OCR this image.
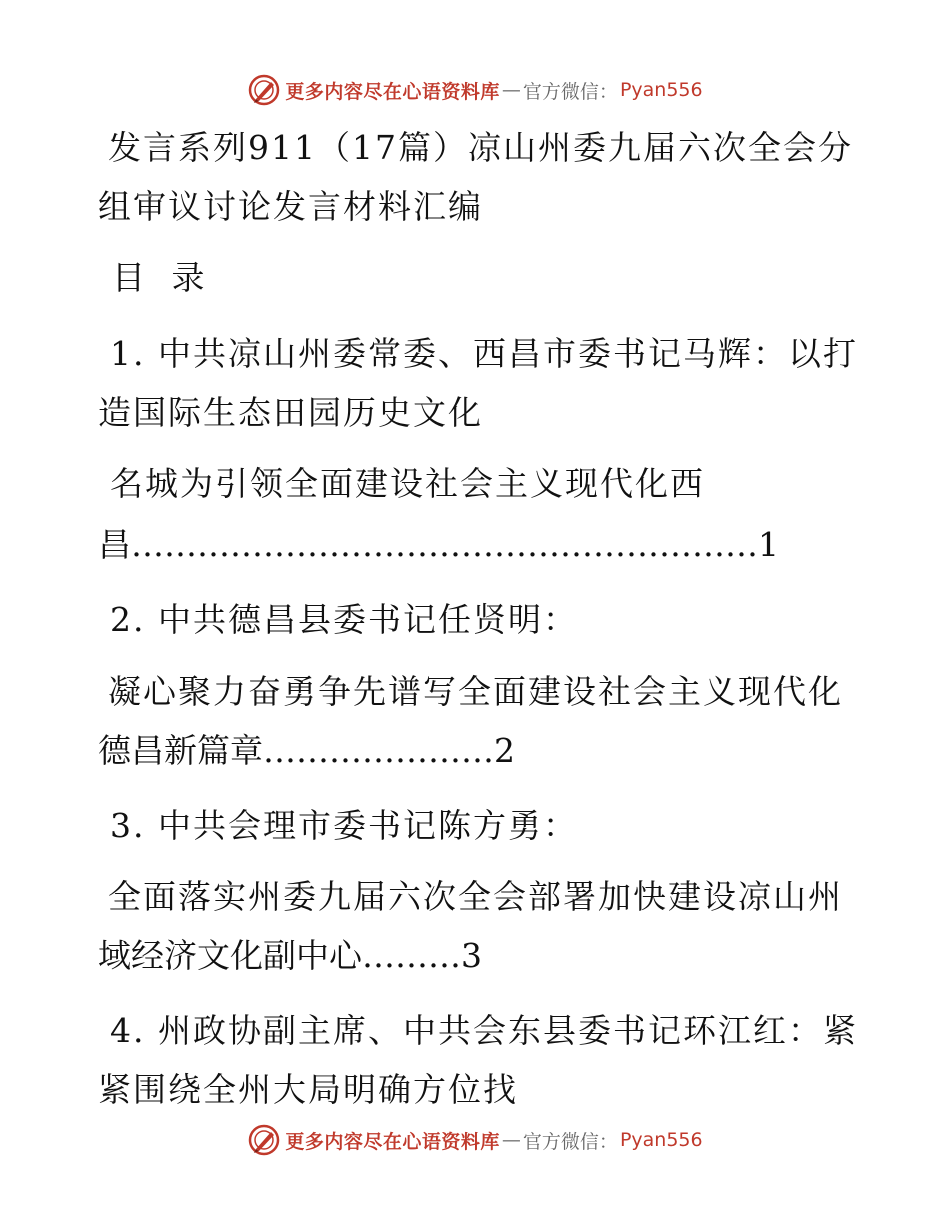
更多内容尽在心语资料库 — 官方微信： Pyan556
发言系列911（17篇）凉山州委九届六次全会分
组审议讨论发言材料汇编
目 录
1. 中共凉山州委常委、西昌市委书记马辉：以打
造国际生态田园历史文化
名城为引领全面建设社会主义现代化西
昌…………………………………………………1
2. 中共德昌县委书记任贤明：
凝心聚力奋勇争先谱写全面建设社会主义现代化
德昌新篇章…………………2
3. 中共会理市委书记陈方勇：
全面落实州委九届六次全会部署加快建设凉山州
域经济文化副中心………3
4. 州政协副主席、中共会东县委书记环江红：紧
紧围绕全州大局明确方位找
更多内容尽在心语资料库 — 官方微信： Pyan556
